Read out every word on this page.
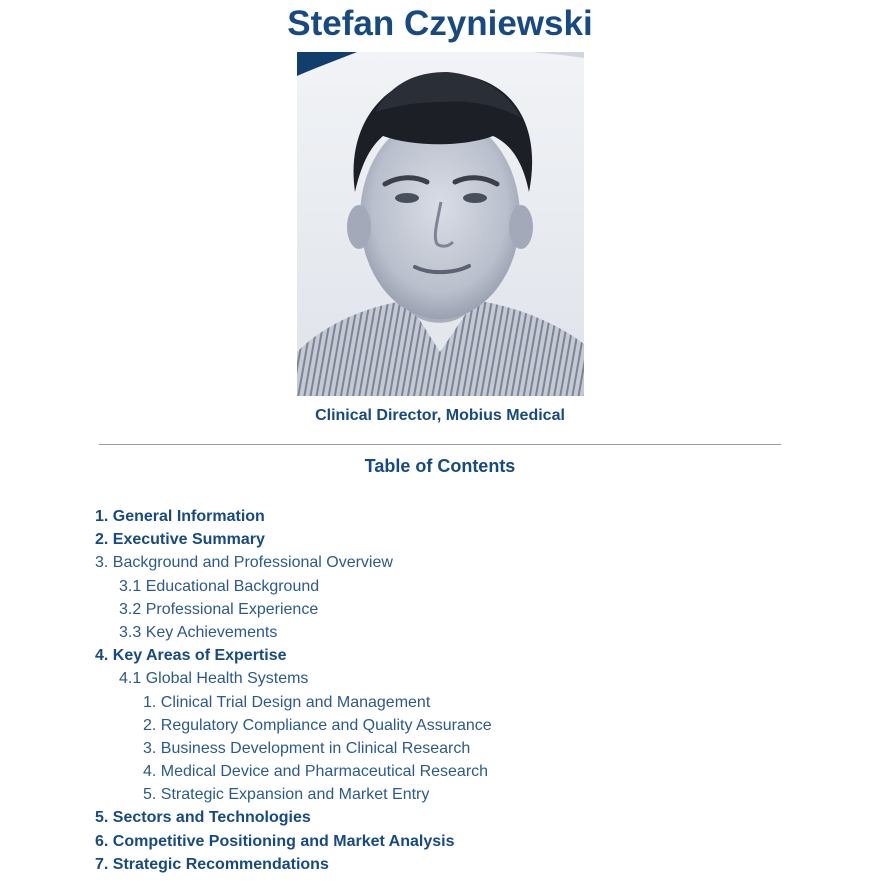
Stefan Czyniewski
Clinical Director, Mobius Medical
Table of Contents
1. General Information
2. Executive Summary
3. Background and Professional Overview
3.1 Educational Background
3.2 Professional Experience
3.3 Key Achievements
4. Key Areas of Expertise
4.1 Global Health Systems
1. Clinical Trial Design and Management
2. Regulatory Compliance and Quality Assurance
3. Business Development in Clinical Research
4. Medical Device and Pharmaceutical Research
5. Strategic Expansion and Market Entry
5. Sectors and Technologies
6. Competitive Positioning and Market Analysis
7. Strategic Recommendations
